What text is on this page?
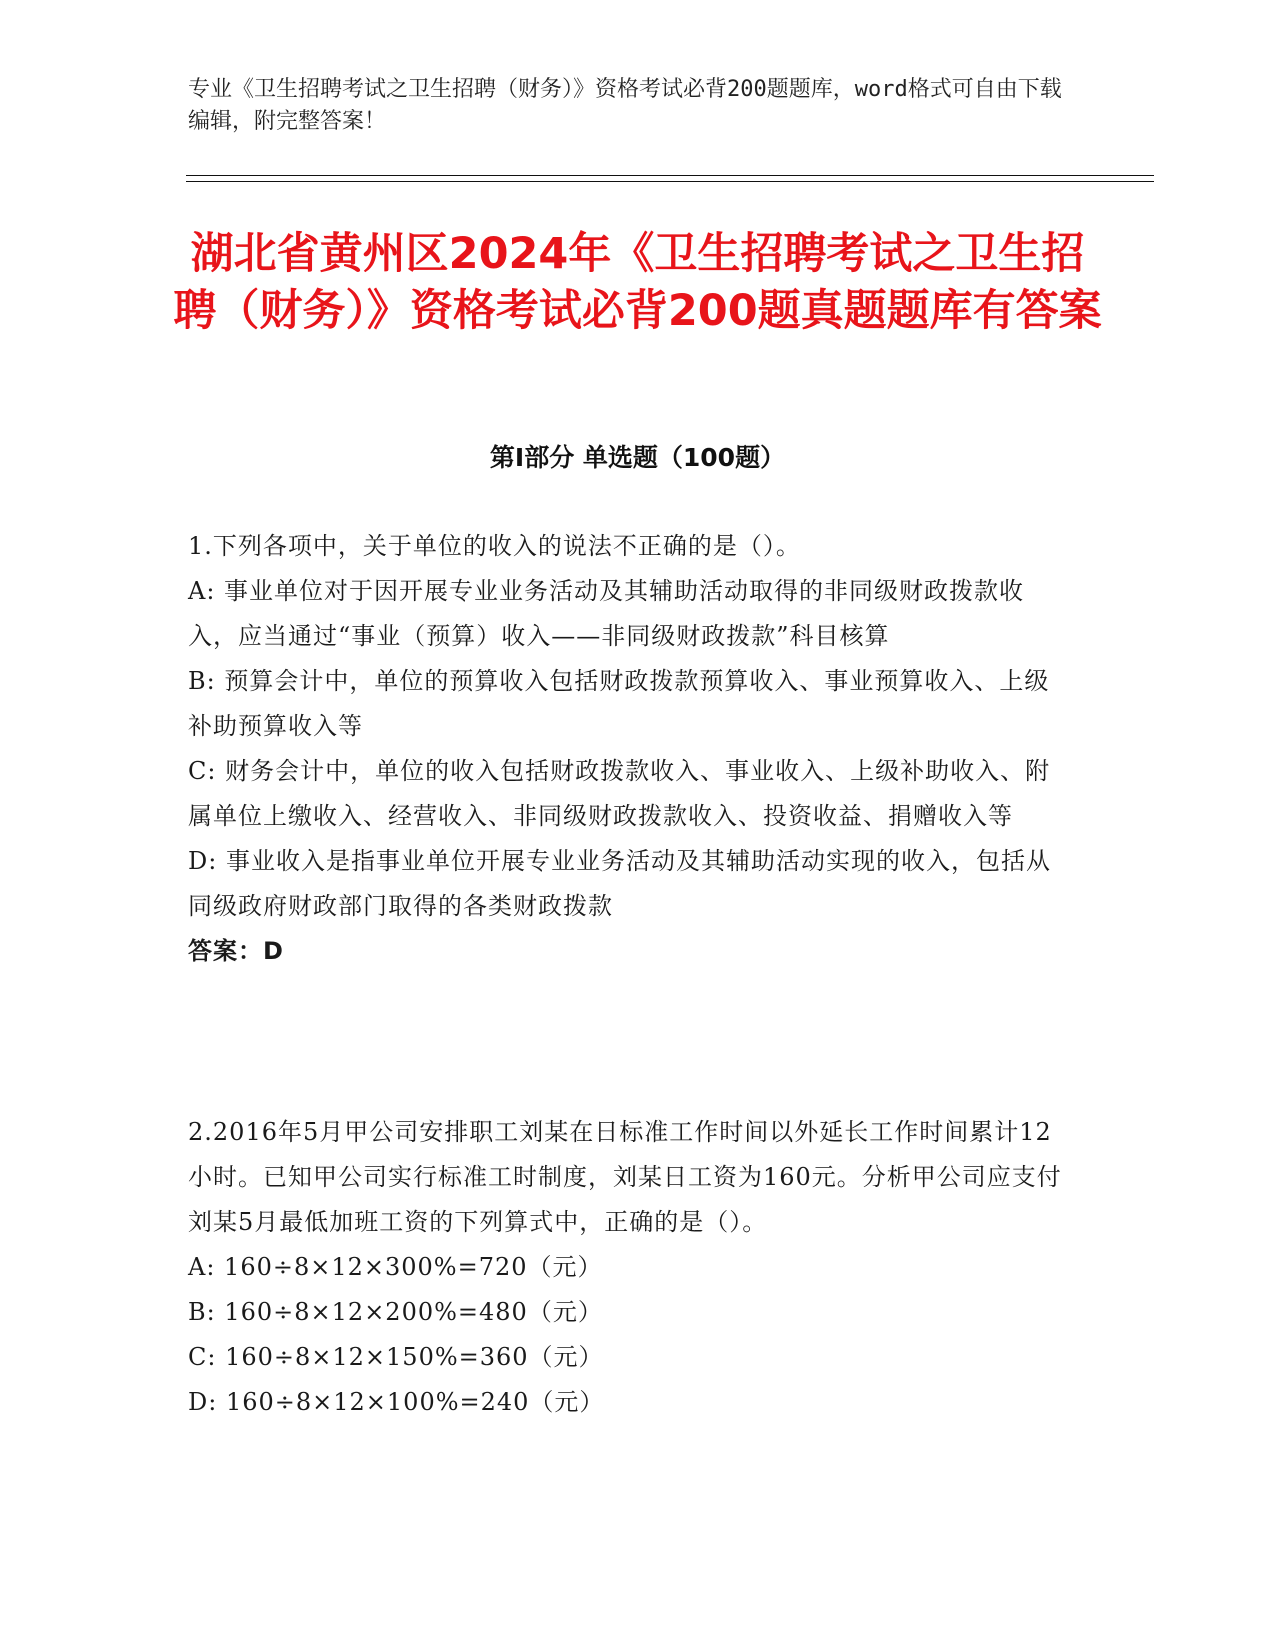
专业《卫生招聘考试之卫生招聘（财务）》资格考试必背200题题库，word格式可自由下载编辑，附完整答案！
湖北省黄州区2024年《卫生招聘考试之卫生招聘（财务）》资格考试必背200题真题题库有答案
第I部分 单选题（100题）

1.下列各项中，关于单位的收入的说法不正确的是（）。

A: 事业单位对于因开展专业业务活动及其辅助活动取得的非同级财政拨款收入，应当通过“事业（预算）收入——非同级财政拨款”科目核算

B: 预算会计中，单位的预算收入包括财政拨款预算收入、事业预算收入、上级补助预算收入等

C: 财务会计中，单位的收入包括财政拨款收入、事业收入、上级补助收入、附属单位上缴收入、经营收入、非同级财政拨款收入、投资收益、捐赠收入等

D: 事业收入是指事业单位开展专业业务活动及其辅助活动实现的收入，包括从同级政府财政部门取得的各类财政拨款

答案：D

2.2016年5月甲公司安排职工刘某在日标准工作时间以外延长工作时间累计12小时。已知甲公司实行标准工时制度，刘某日工资为160元。分析甲公司应支付刘某5月最低加班工资的下列算式中，正确的是（）。

A: 160÷8×12×300%=720（元）

B: 160÷8×12×200%=480（元）

C: 160÷8×12×150%=360（元）

D: 160÷8×12×100%=240（元）
